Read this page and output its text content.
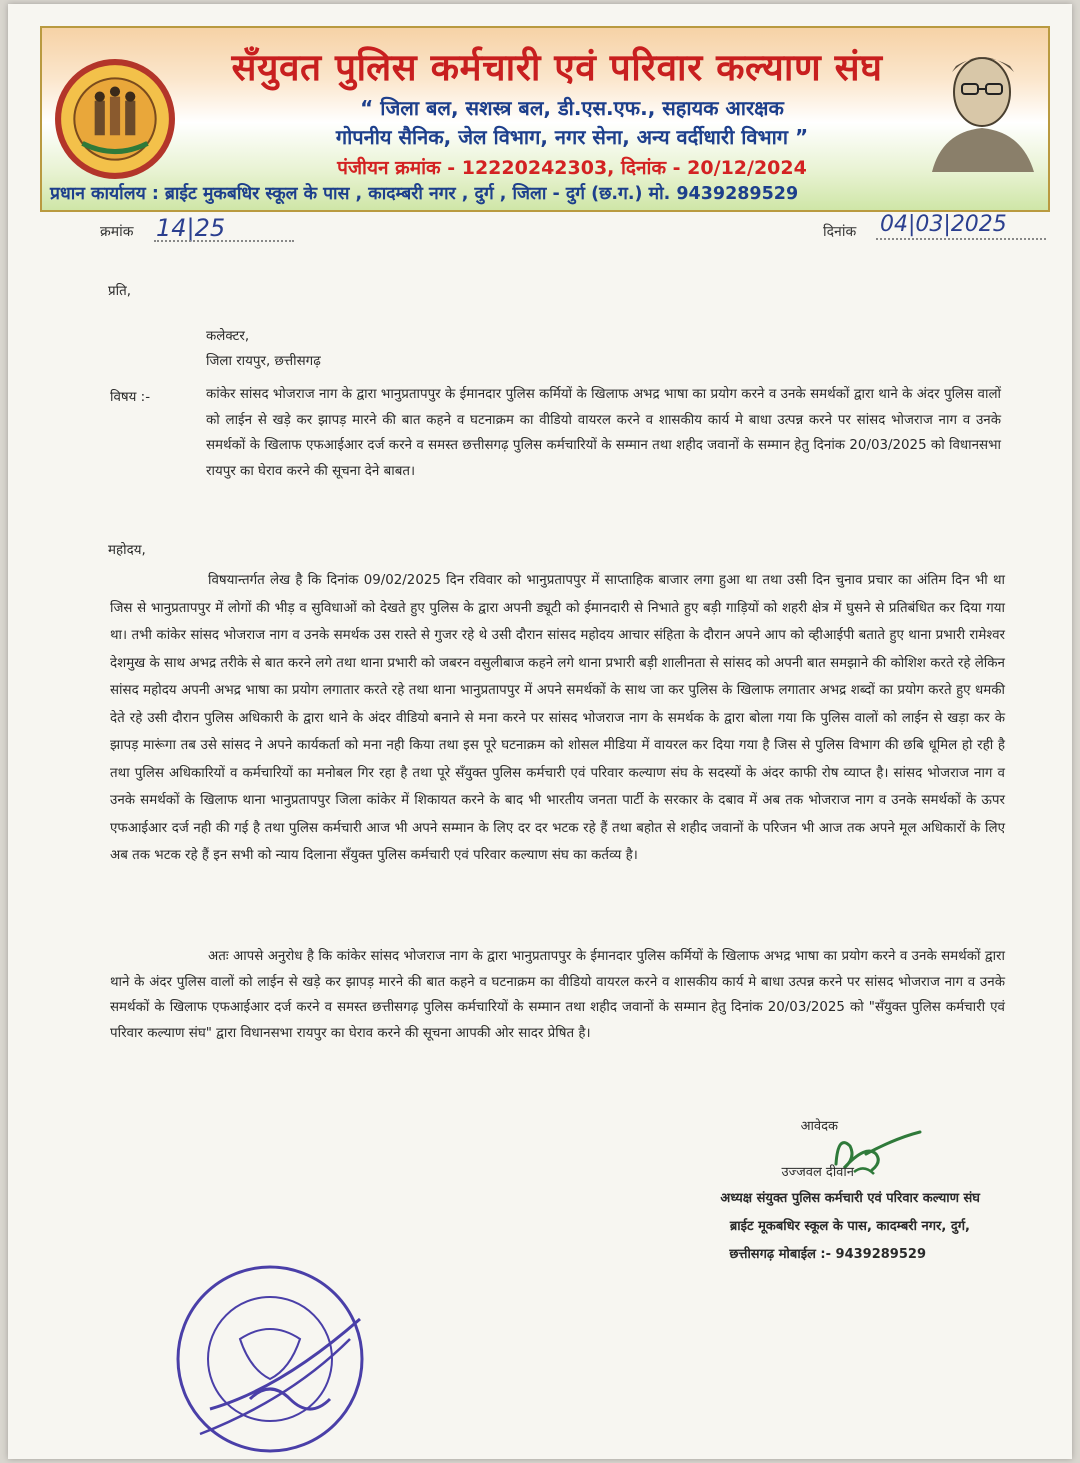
सँयुवत पुलिस कर्मचारी एवं परिवार कल्याण संघ
“ जिला बल, सशस्त्र बल, डी.एस.एफ., सहायक आरक्षक
गोपनीय सैनिक, जेल विभाग, नगर सेना, अन्य वर्दीधारी विभाग ”
पंजीयन क्रमांक - 12220242303, दिनांक - 20/12/2024
प्रधान कार्यालय : ब्राईट मुकबधिर स्कूल के पास , कादम्बरी नगर , दुर्ग , जिला - दुर्ग (छ.ग.) मो. 9439289529
क्रमांक 14|25	दिनांक 04|03|2025
प्रति,
कलेक्टर,
जिला रायपुर, छत्तीसगढ़
विषय :-	कांकेर सांसद भोजराज नाग के द्वारा भानुप्रतापपुर के ईमानदार पुलिस कर्मियों के खिलाफ अभद्र भाषा का प्रयोग करने व उनके समर्थकों द्वारा थाने के अंदर पुलिस वालों को लाईन से खड़े कर झापड़ मारने की बात कहने व घटनाक्रम का वीडियो वायरल करने व शासकीय कार्य मे बाधा उत्पन्न करने पर सांसद भोजराज नाग व उनके समर्थकों के खिलाफ एफआईआर दर्ज करने व समस्त छत्तीसगढ़ पुलिस कर्मचारियों के सम्मान तथा शहीद जवानों के सम्मान हेतु दिनांक 20/03/2025 को विधानसभा रायपुर का घेराव करने की सूचना देने बाबत।
महोदय,
विषयान्तर्गत लेख है कि दिनांक 09/02/2025 दिन रविवार को भानुप्रतापपुर में साप्ताहिक बाजार लगा हुआ था तथा उसी दिन चुनाव प्रचार का अंतिम दिन भी था जिस से भानुप्रतापपुर में लोगों की भीड़ व सुविधाओं को देखते हुए पुलिस के द्वारा अपनी ड्यूटी को ईमानदारी से निभाते हुए बड़ी गाड़ियों को शहरी क्षेत्र में घुसने से प्रतिबंधित कर दिया गया था। तभी कांकेर सांसद भोजराज नाग व उनके समर्थक उस रास्ते से गुजर रहे थे उसी दौरान सांसद महोदय आचार संहिता के दौरान अपने आप को व्हीआईपी बताते हुए थाना प्रभारी रामेश्वर देशमुख के साथ अभद्र तरीके से बात करने लगे तथा थाना प्रभारी को जबरन वसुलीबाज कहने लगे थाना प्रभारी बड़ी शालीनता से सांसद को अपनी बात समझाने की कोशिश करते रहे लेकिन सांसद महोदय अपनी अभद्र भाषा का प्रयोग लगातार करते रहे तथा थाना भानुप्रतापपुर में अपने समर्थकों के साथ जा कर पुलिस के खिलाफ लगातार अभद्र शब्दों का प्रयोग करते हुए धमकी देते रहे उसी दौरान पुलिस अधिकारी के द्वारा थाने के अंदर वीडियो बनाने से मना करने पर सांसद भोजराज नाग के समर्थक के द्वारा बोला गया कि पुलिस वालों को लाईन से खड़ा कर के झापड़ मारूंगा तब उसे सांसद ने अपने कार्यकर्ता को मना नही किया तथा इस पूरे घटनाक्रम को शोसल मीडिया में वायरल कर दिया गया है जिस से पुलिस विभाग की छबि धूमिल हो रही है तथा पुलिस अधिकारियों व कर्मचारियों का मनोबल गिर रहा है तथा पूरे सँयुक्त पुलिस कर्मचारी एवं परिवार कल्याण संघ के सदस्यों के अंदर काफी रोष व्याप्त है। सांसद भोजराज नाग व उनके समर्थकों के खिलाफ थाना भानुप्रतापपुर जिला कांकेर में शिकायत करने के बाद भी भारतीय जनता पार्टी के सरकार के दबाव में अब तक भोजराज नाग व उनके समर्थकों के ऊपर एफआईआर दर्ज नही की गई है तथा पुलिस कर्मचारी आज भी अपने सम्मान के लिए दर दर भटक रहे हैं तथा बहोत से शहीद जवानों के परिजन भी आज तक अपने मूल अधिकारों के लिए अब तक भटक रहे हैं इन सभी को न्याय दिलाना सँयुक्त पुलिस कर्मचारी एवं परिवार कल्याण संघ का कर्तव्य है।
अतः आपसे अनुरोध है कि कांकेर सांसद भोजराज नाग के द्वारा भानुप्रतापपुर के ईमानदार पुलिस कर्मियों के खिलाफ अभद्र भाषा का प्रयोग करने व उनके समर्थकों द्वारा थाने के अंदर पुलिस वालों को लाईन से खड़े कर झापड़ मारने की बात कहने व घटनाक्रम का वीडियो वायरल करने व शासकीय कार्य मे बाधा उत्पन्न करने पर सांसद भोजराज नाग व उनके समर्थकों के खिलाफ एफआईआर दर्ज करने व समस्त छत्तीसगढ़ पुलिस कर्मचारियों के सम्मान तथा शहीद जवानों के सम्मान हेतु दिनांक 20/03/2025 को "सँयुक्त पुलिस कर्मचारी एवं परिवार कल्याण संघ" द्वारा विधानसभा रायपुर का घेराव करने की सूचना आपकी ओर सादर प्रेषित है।
आवेदक
उज्जवल दीवान
अध्यक्ष संयुक्त पुलिस कर्मचारी एवं परिवार कल्याण संघ
ब्राईट मूकबधिर स्कूल के पास, कादम्बरी नगर, दुर्ग,
छत्तीसगढ़ मोबाईल :- 9439289529
